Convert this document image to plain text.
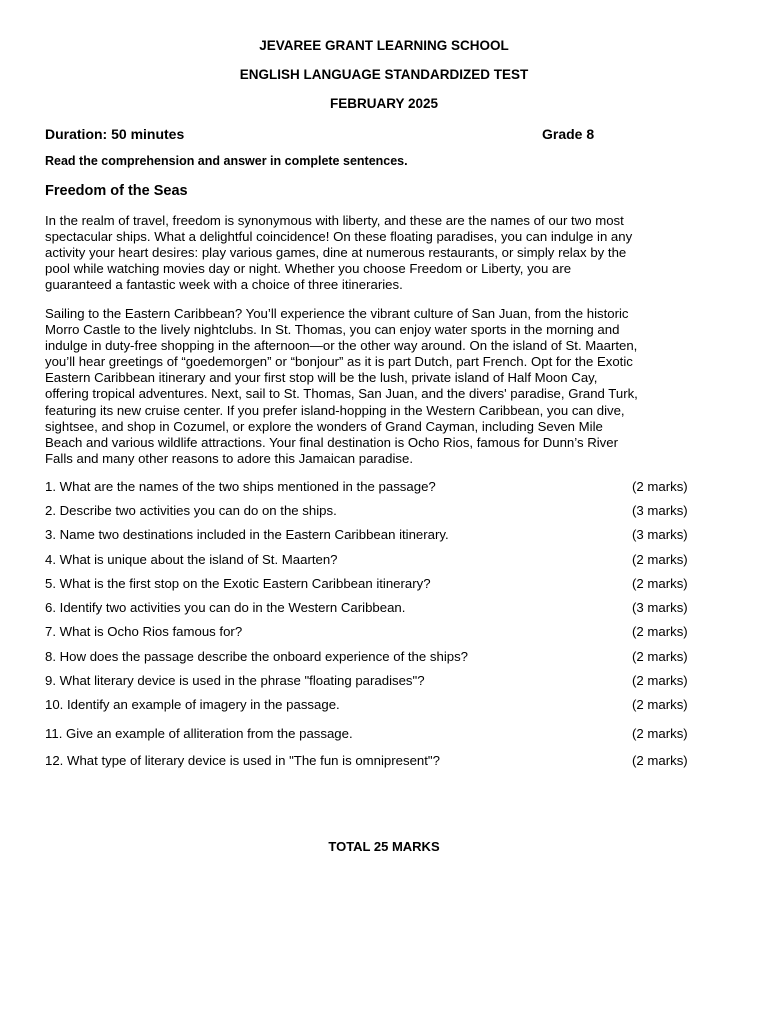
JEVAREE GRANT LEARNING SCHOOL
ENGLISH LANGUAGE STANDARDIZED TEST
FEBRUARY 2025
Duration: 50 minutes	Grade 8
Read the comprehension and answer in complete sentences.
Freedom of the Seas
In the realm of travel, freedom is synonymous with liberty, and these are the names of our two most
spectacular ships. What a delightful coincidence! On these floating paradises, you can indulge in any
activity your heart desires: play various games, dine at numerous restaurants, or simply relax by the
pool while watching movies day or night. Whether you choose Freedom or Liberty, you are
guaranteed a fantastic week with a choice of three itineraries.
Sailing to the Eastern Caribbean? You’ll experience the vibrant culture of San Juan, from the historic
Morro Castle to the lively nightclubs. In St. Thomas, you can enjoy water sports in the morning and
indulge in duty-free shopping in the afternoon—or the other way around. On the island of St. Maarten,
you’ll hear greetings of “goedemorgen” or “bonjour” as it is part Dutch, part French. Opt for the Exotic
Eastern Caribbean itinerary and your first stop will be the lush, private island of Half Moon Cay,
offering tropical adventures. Next, sail to St. Thomas, San Juan, and the divers' paradise, Grand Turk,
featuring its new cruise center. If you prefer island-hopping in the Western Caribbean, you can dive,
sightsee, and shop in Cozumel, or explore the wonders of Grand Cayman, including Seven Mile
Beach and various wildlife attractions. Your final destination is Ocho Rios, famous for Dunn’s River
Falls and many other reasons to adore this Jamaican paradise.
1. What are the names of the two ships mentioned in the passage?	(2 marks)
2. Describe two activities you can do on the ships.	(3 marks)
3. Name two destinations included in the Eastern Caribbean itinerary.	(3 marks)
4. What is unique about the island of St. Maarten?	(2 marks)
5. What is the first stop on the Exotic Eastern Caribbean itinerary?	(2 marks)
6. Identify two activities you can do in the Western Caribbean.	(3 marks)
7. What is Ocho Rios famous for?	(2 marks)
8. How does the passage describe the onboard experience of the ships?	(2 marks)
9. What literary device is used in the phrase "floating paradises"?	(2 marks)
10. Identify an example of imagery in the passage.	(2 marks)
11. Give an example of alliteration from the passage.	(2 marks)
12. What type of literary device is used in "The fun is omnipresent"?	(2 marks)
TOTAL 25 MARKS
